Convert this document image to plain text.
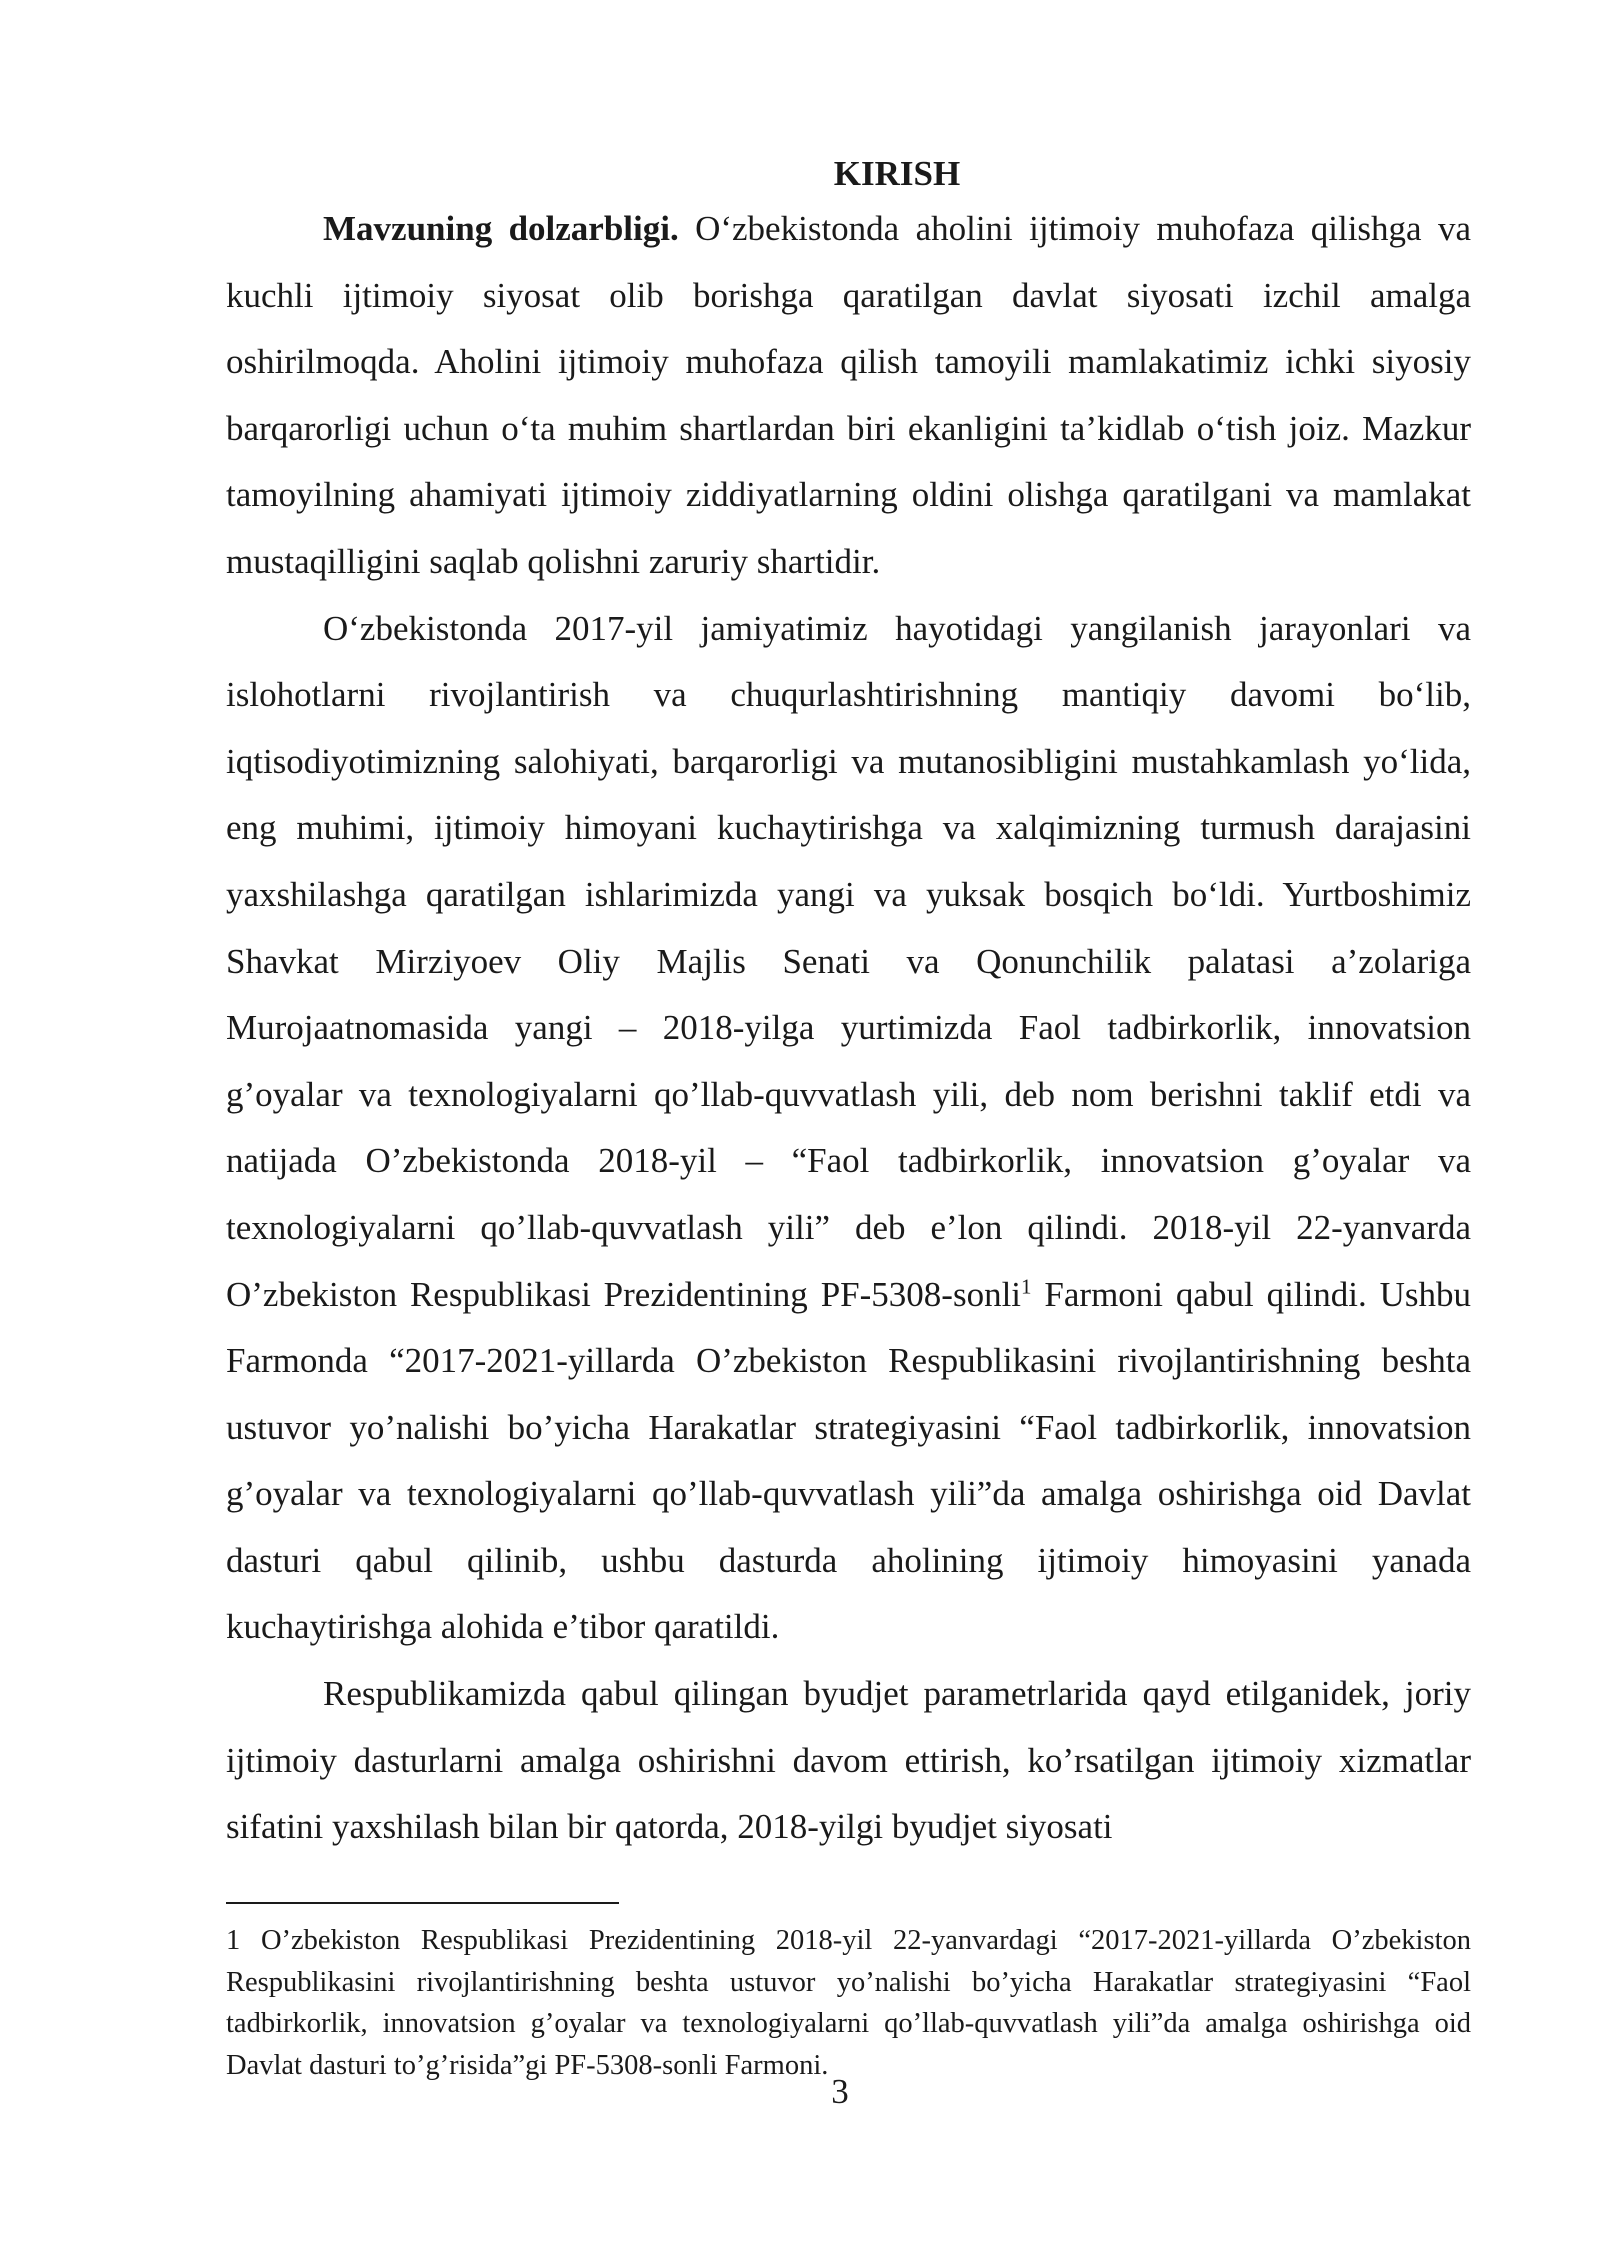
KIRISH

Mavzuning dolzarbligi. O‘zbekistonda aholini ijtimoiy muhofaza qilishga va kuchli ijtimoiy siyosat olib borishga qaratilgan davlat siyosati izchil amalga oshirilmoqda. Aholini ijtimoiy muhofaza qilish tamoyili mamlakatimiz ichki siyosiy barqarorligi uchun o‘ta muhim shartlardan biri ekanligini ta’kidlab o‘tish joiz. Mazkur tamoyilning ahamiyati ijtimoiy ziddiyatlarning oldini olishga qaratilgani va mamlakat mustaqilligini saqlab qolishni zaruriy shartidir.

O‘zbekistonda 2017-yil jamiyatimiz hayotidagi yangilanish jarayonlari va islohotlarni rivojlantirish va chuqurlashtirishning mantiqiy davomi bo‘lib, iqtisodiyotimizning salohiyati, barqarorligi va mutanosibligini mustahkamlash yo‘lida, eng muhimi, ijtimoiy himoyani kuchaytirishga va xalqimizning turmush darajasini yaxshilashga qaratilgan ishlarimizda yangi va yuksak bosqich bo‘ldi. Yurtboshimiz Shavkat Mirziyoev Oliy Majlis Senati va Qonunchilik palatasi a’zolariga Murojaatnomasida yangi – 2018-yilga yurtimizda Faol tadbirkorlik, innovatsion g’oyalar va texnologiyalarni qo’llab-quvvatlash yili, deb nom berishni taklif etdi va natijada O’zbekistonda 2018-yil – “Faol tadbirkorlik, innovatsion g’oyalar va texnologiyalarni qo’llab-quvvatlash yili” deb e’lon qilindi. 2018-yil 22-yanvarda O’zbekiston Respublikasi Prezidentining PF-5308-sonli$^1$ Farmoni qabul qilindi. Ushbu Farmonda “2017-2021-yillarda O’zbekiston Respublikasini rivojlantirishning beshta ustuvor yo’nalishi bo’yicha Harakatlar strategiyasini “Faol tadbirkorlik, innovatsion g’oyalar va texnologiyalarni qo’llab-quvvatlash yili”da amalga oshirishga oid Davlat dasturi qabul qilinib, ushbu dasturda aholining ijtimoiy himoyasini yanada kuchaytirishga alohida e’tibor qaratildi.

Respublikamizda qabul qilingan byudjet parametrlarida qayd etilganidek, joriy ijtimoiy dasturlarni amalga oshirishni davom ettirish, ko’rsatilgan ijtimoiy xizmatlar sifatini yaxshilash bilan bir qatorda, 2018-yilgi byudjet siyosati

1 O’zbekiston Respublikasi Prezidentining 2018-yil 22-yanvardagi “2017-2021-yillarda O’zbekiston Respublikasini rivojlantirishning beshta ustuvor yo’nalishi bo’yicha Harakatlar strategiyasini “Faol tadbirkorlik, innovatsion g’oyalar va texnologiyalarni qo’llab-quvvatlash yili”da amalga oshirishga oid Davlat dasturi to’g’risida”gi PF-5308-sonli Farmoni.

3
